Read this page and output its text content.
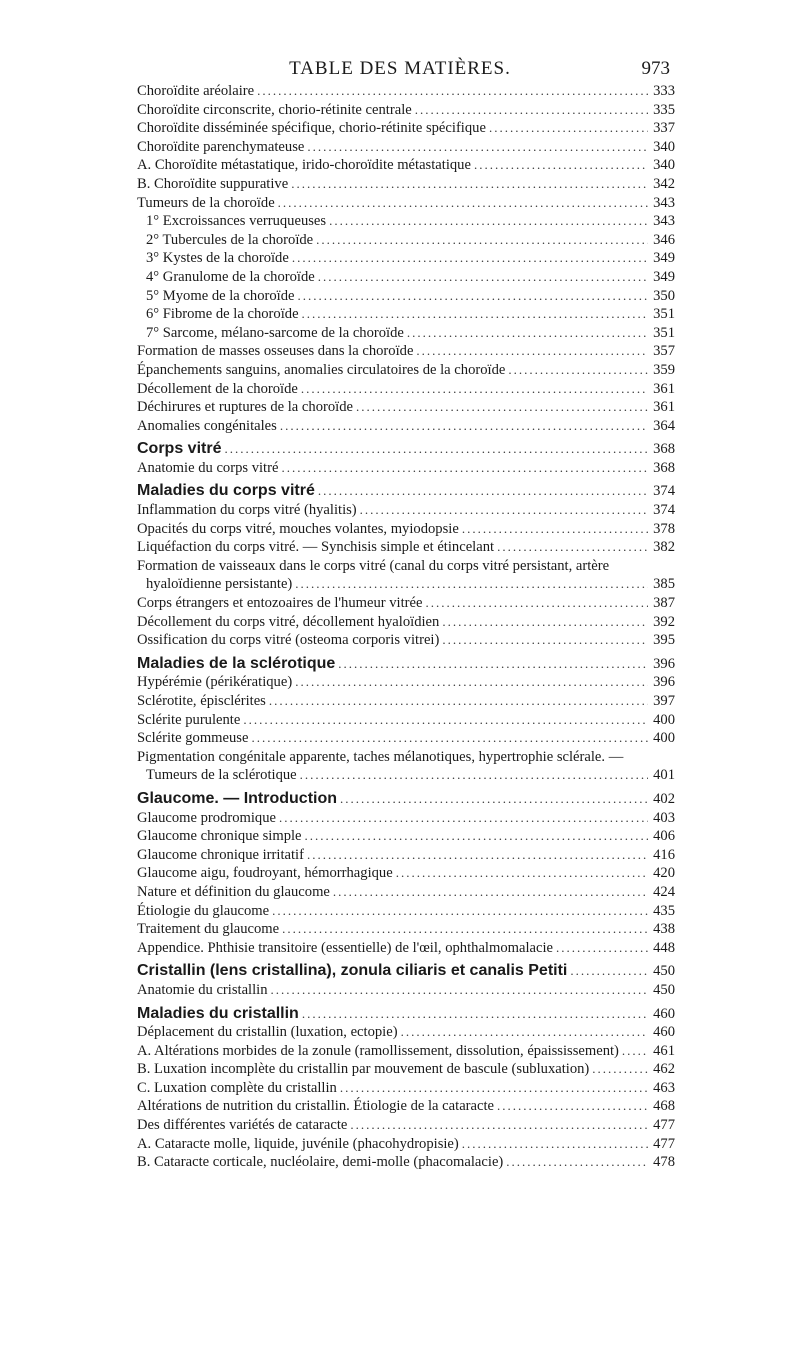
TABLE DES MATIÈRES.	973
Choroïdite aréolaire .....	333
Choroïdite circonscrite, chorio-rétinite centrale .....	335
Choroïdite disséminée spécifique, chorio-rétinite spécifique .....	337
Choroïdite parenchymateuse .....	340
A. Choroïdite métastatique, irido-choroïdite métastatique .....	340
B. Choroïdite suppurative .....	342
Tumeurs de la choroïde .....	343
1° Excroissances verruqueuses .....	343
2° Tubercules de la choroïde .....	346
3° Kystes de la choroïde .....	349
4° Granulome de la choroïde .....	349
5° Myome de la choroïde .....	350
6° Fibrome de la choroïde .....	351
7° Sarcome, mélano-sarcome de la choroïde .....	351
Formation de masses osseuses dans la choroïde .....	357
Épanchements sanguins, anomalies circulatoires de la choroïde .....	359
Décollement de la choroïde .....	361
Déchirures et ruptures de la choroïde .....	361
Anomalies congénitales .....	364
Corps vitré .....	368
Anatomie du corps vitré .....	368
Maladies du corps vitré .....	374
Inflammation du corps vitré (hyalitis) .....	374
Opacités du corps vitré, mouches volantes, myiodopsie .....	378
Liquéfaction du corps vitré. — Synchisis simple et étincelant .....	382
Formation de vaisseaux dans le corps vitré (canal du corps vitré persistant, artère
hyaloïdienne persistante) .....	385
Corps étrangers et entozoaires de l'humeur vitrée .....	387
Décollement du corps vitré, décollement hyaloïdien .....	392
Ossification du corps vitré (osteoma corporis vitrei) .....	395
Maladies de la sclérotique .....	396
Hypérémie (périkératique) .....	396
Sclérotite, épisclérites .....	397
Sclérite purulente .....	400
Sclérite gommeuse .....	400
Pigmentation congénitale apparente, taches mélanotiques, hypertrophie sclérale. —
Tumeurs de la sclérotique .....	401
Glaucome. — Introduction .....	402
Glaucome prodromique .....	403
Glaucome chronique simple .....	406
Glaucome chronique irritatif .....	416
Glaucome aigu, foudroyant, hémorrhagique .....	420
Nature et définition du glaucome .....	424
Étiologie du glaucome .....	435
Traitement du glaucome .....	438
Appendice. Phthisie transitoire (essentielle) de l'œil, ophthalmomalacie .....	448
Cristallin (lens cristallina), zonula ciliaris et canalis Petiti .....	450
Anatomie du cristallin .....	450
Maladies du cristallin .....	460
Déplacement du cristallin (luxation, ectopie) .....	460
A. Altérations morbides de la zonule (ramollissement, dissolution, épaississement) ..... 461
B. Luxation incomplète du cristallin par mouvement de bascule (subluxation) .....	462
C. Luxation complète du cristallin .....	463
Altérations de nutrition du cristallin. Étiologie de la cataracte .....	468
Des différentes variétés de cataracte .....	477
A. Cataracte molle, liquide, juvénile (phacohydropisie) .....	477
B. Cataracte corticale, nucléolaire, demi-molle (phacomalacie) .....	478
